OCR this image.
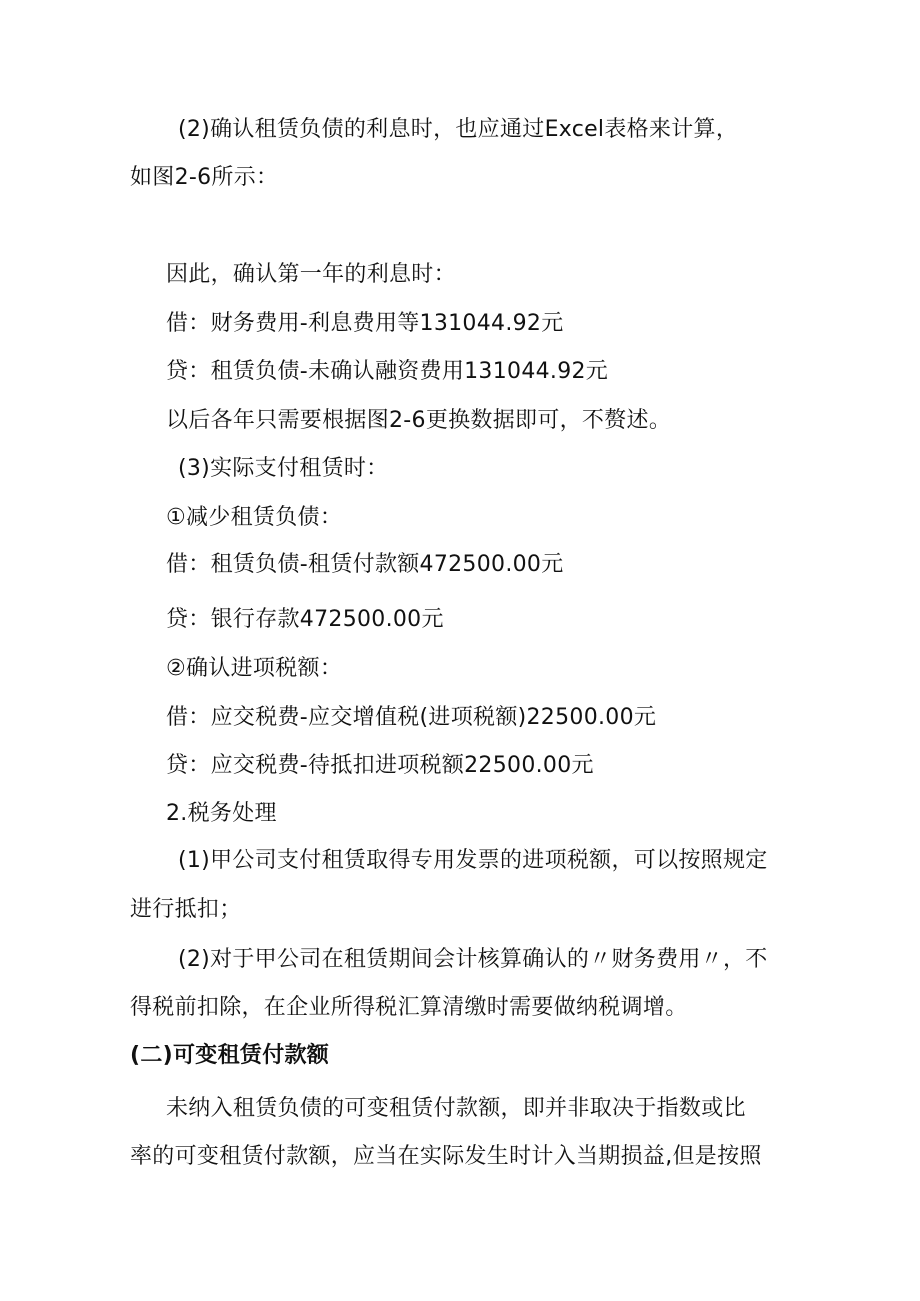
(2)确认租赁负债的利息时，也应通过Excel表格来计算，
如图2-6所示：
因此，确认第一年的利息时：
借：财务费用-利息费用等131044.92元
贷：租赁负债-未确认融资费用131044.92元
以后各年只需要根据图2-6更换数据即可，不赘述。
(3)实际支付租赁时：
①减少租赁负债：
借：租赁负债-租赁付款额472500.00元
贷：银行存款472500.00元
②确认进项税额：
借：应交税费-应交增值税(进项税额)22500.00元
贷：应交税费-待抵扣进项税额22500.00元
2.税务处理
(1)甲公司支付租赁取得专用发票的进项税额，可以按照规定
进行抵扣；
(2)对于甲公司在租赁期间会计核算确认的〃财务费用〃，不
得税前扣除，在企业所得税汇算清缴时需要做纳税调增。
(二)可变租赁付款额
未纳入租赁负债的可变租赁付款额，即并非取决于指数或比
率的可变租赁付款额，应当在实际发生时计入当期损益,但是按照
